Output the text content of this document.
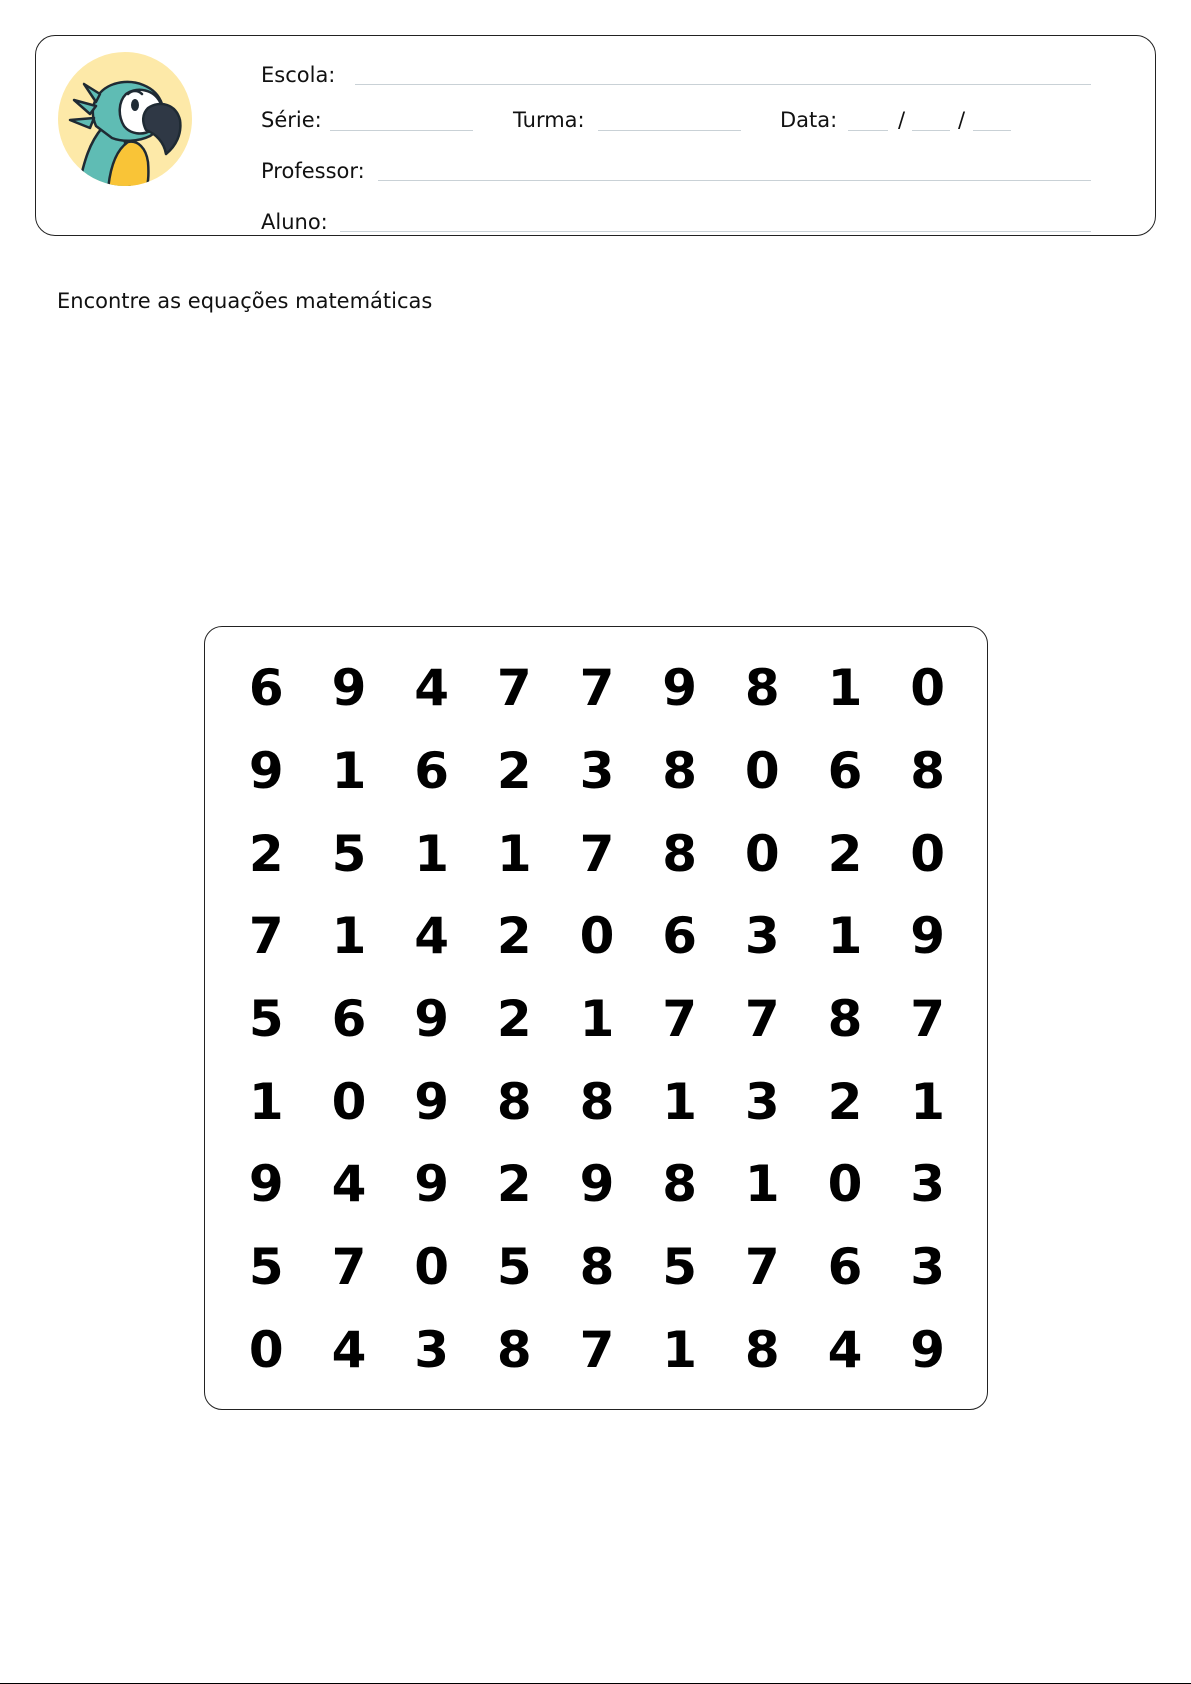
Escola:
Série:	Turma:	Data:	/	/
Professor:
Aluno:
Encontre as equações matemáticas
6 9 4 7 7 9 8 1 0
9 1 6 2 3 8 0 6 8
2 5 1 1 7 8 0 2 0
7 1 4 2 0 6 3 1 9
5 6 9 2 1 7 7 8 7
1 0 9 8 8 1 3 2 1
9 4 9 2 9 8 1 0 3
5 7 0 5 8 5 7 6 3
0 4 3 8 7 1 8 4 9
